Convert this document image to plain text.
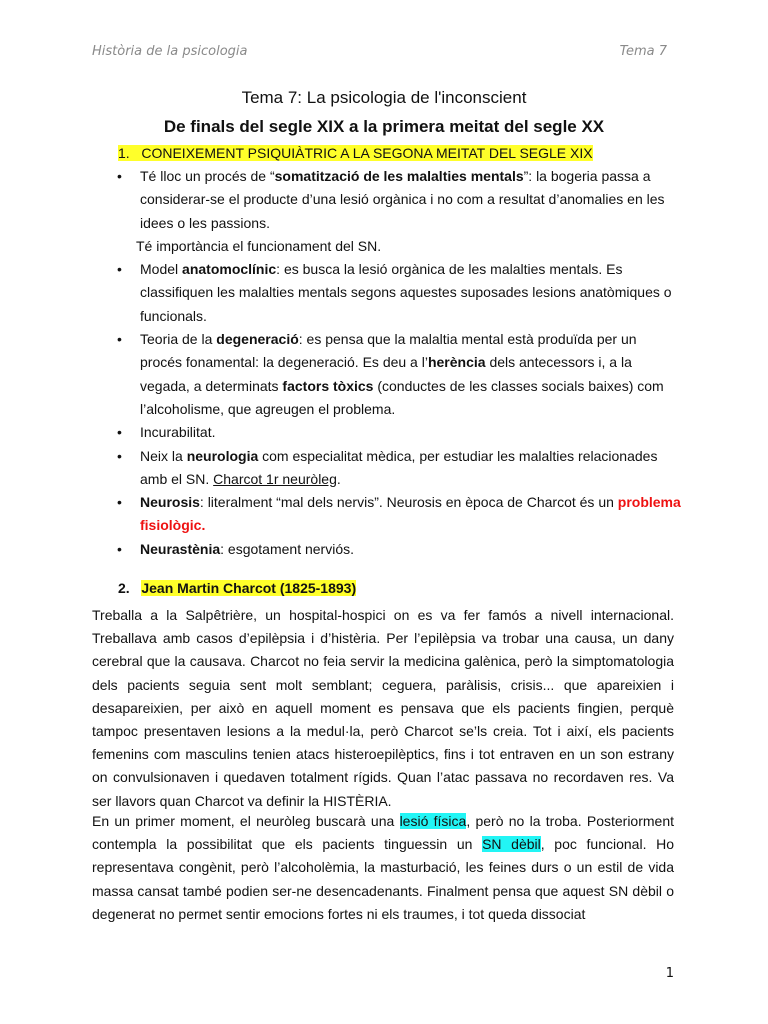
Història de la psicologia	Tema 7
Tema 7: La psicologia de l'inconscient
De finals del segle XIX a la primera meitat del segle XX
1. CONEIXEMENT PSIQUIÀTRIC A LA SEGONA MEITAT DEL SEGLE XIX
• Té lloc un procés de “somatització de les malalties mentals”: la bogeria passa a considerar-se el producte d’una lesió orgànica i no com a resultat d’anomalies en les idees o les passions.
Té importància el funcionament del SN.
• Model anatomoclínic: es busca la lesió orgànica de les malalties mentals. Es classifiquen les malalties mentals segons aquestes suposades lesions anatòmiques o funcionals.
• Teoria de la degeneració: es pensa que la malaltia mental està produïda per un procés fonamental: la degeneració. Es deu a l’herència dels antecessors i, a la vegada, a determinats factors tòxics (conductes de les classes socials baixes) com l’alcoholisme, que agreugen el problema.
• Incurabilitat.
• Neix la neurologia com especialitat mèdica, per estudiar les malalties relacionades amb el SN. Charcot 1r neuròleg.
• Neurosis: literalment “mal dels nervis”. Neurosis en època de Charcot és un problema fisiològic.
• Neurastènia: esgotament nerviós.
2. Jean Martin Charcot (1825-1893)

Treballa a la Salpêtrière, un hospital-hospici on es va fer famós a nivell internacional. Treballava amb casos d’epilèpsia i d’histèria. Per l’epilèpsia va trobar una causa, un dany cerebral que la causava. Charcot no feia servir la medicina galènica, però la simptomatologia dels pacients seguia sent molt semblant; ceguera, paràlisis, crisis... que apareixien i desapareixien, per això en aquell moment es pensava que els pacients fingien, perquè tampoc presentaven lesions a la medul·la, però Charcot se’ls creia. Tot i així, els pacients femenins com masculins tenien atacs histeroepilèptics, fins i tot entraven en un son estrany on convulsionaven i quedaven totalment rígids. Quan l’atac passava no recordaven res. Va ser llavors quan Charcot va definir la HISTÈRIA.

En un primer moment, el neuròleg buscarà una lesió física, però no la troba. Posteriorment contempla la possibilitat que els pacients tinguessin un SN dèbil, poc funcional. Ho representava congènit, però l’alcoholèmia, la masturbació, les feines durs o un estil de vida massa cansat també podien ser-ne desencadenants. Finalment pensa que aquest SN dèbil o degenerat no permet sentir emocions fortes ni els traumes, i tot queda dissociat

1
